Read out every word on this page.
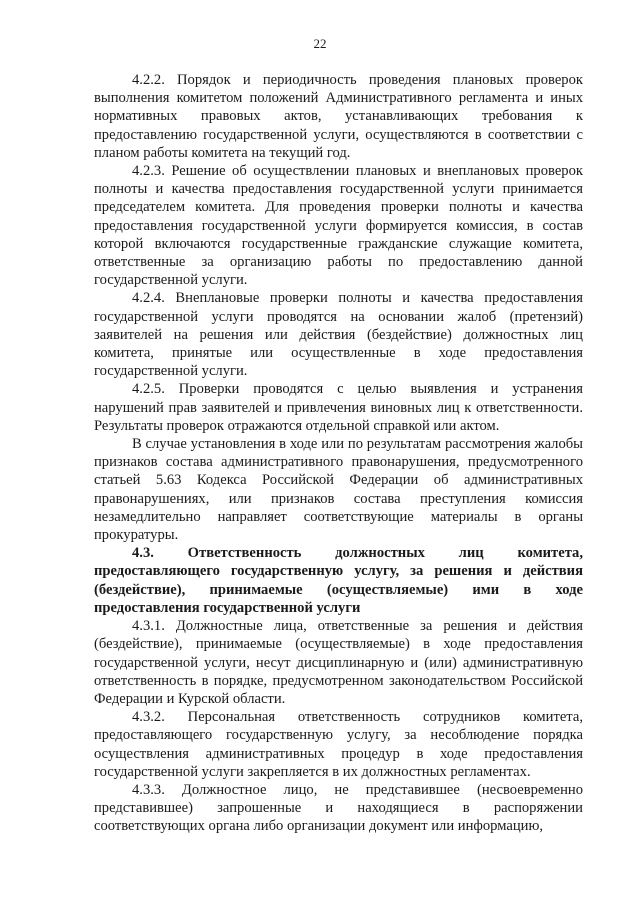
22

4.2.2. Порядок и периодичность проведения плановых проверок выполнения комитетом положений Административного регламента и иных нормативных правовых актов, устанавливающих требования к предоставлению государственной услуги, осуществляются в соответствии с планом работы комитета на текущий год.

4.2.3. Решение об осуществлении плановых и внеплановых проверок полноты и качества предоставления государственной услуги принимается председателем комитета. Для проведения проверки полноты и качества предоставления государственной услуги формируется комиссия, в состав которой включаются государственные гражданские служащие комитета, ответственные за организацию работы по предоставлению данной государственной услуги.

4.2.4. Внеплановые проверки полноты и качества предоставления государственной услуги проводятся на основании жалоб (претензий) заявителей на решения или действия (бездействие) должностных лиц комитета, принятые или осуществленные в ходе предоставления государственной услуги.

4.2.5. Проверки проводятся с целью выявления и устранения нарушений прав заявителей и привлечения виновных лиц к ответственности. Результаты проверок отражаются отдельной справкой или актом.

В случае установления в ходе или по результатам рассмотрения жалобы признаков состава административного правонарушения, предусмотренного статьей 5.63 Кодекса Российской Федерации об административных правонарушениях, или признаков состава преступления комиссия незамедлительно направляет соответствующие материалы в органы прокуратуры.

4.3. Ответственность должностных лиц комитета, предоставляющего государственную услугу, за решения и действия (бездействие), принимаемые (осуществляемые) ими в ходе предоставления государственной услуги

4.3.1. Должностные лица, ответственные за решения и действия (бездействие), принимаемые (осуществляемые) в ходе предоставления государственной услуги, несут дисциплинарную и (или) административную ответственность в порядке, предусмотренном законодательством Российской Федерации и Курской области.

4.3.2. Персональная ответственность сотрудников комитета, предоставляющего государственную услугу, за несоблюдение порядка осуществления административных процедур в ходе предоставления государственной услуги закрепляется в их должностных регламентах.

4.3.3. Должностное лицо, не представившее (несвоевременно представившее) запрошенные и находящиеся в распоряжении соответствующих органа либо организации документ или информацию,
